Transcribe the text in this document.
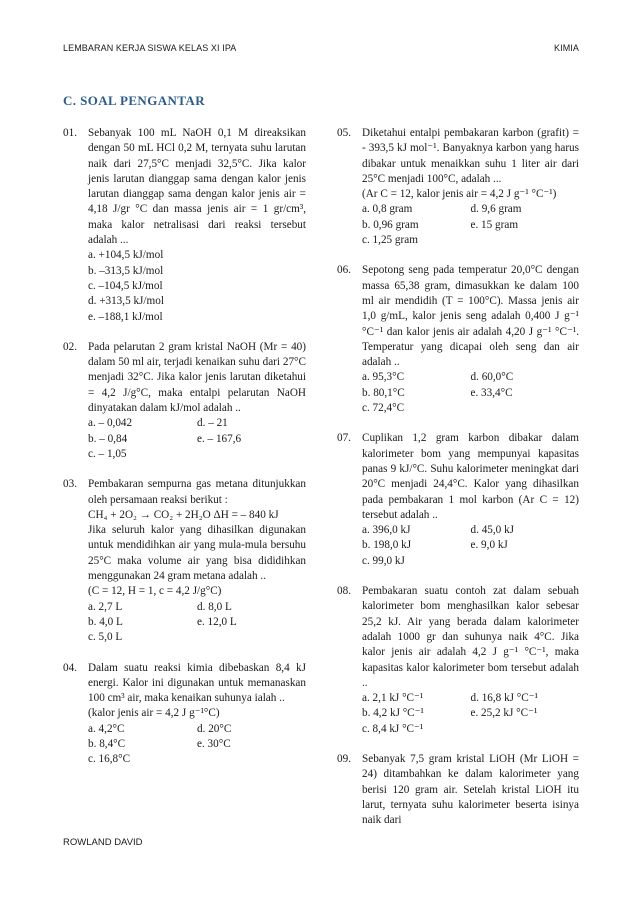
LEMBARAN KERJA SISWA KELAS XI IPA	KIMIA
C. SOAL PENGANTAR
01. Sebanyak 100 mL NaOH 0,1 M direaksikan dengan 50 mL HCl 0,2 M, ternyata suhu larutan naik dari 27,5°C menjadi 32,5°C. Jika kalor jenis larutan dianggap sama dengan kalor jenis larutan dianggap sama dengan kalor jenis air = 4,18 J/gr °C dan massa jenis air = 1 gr/cm³, maka kalor netralisasi dari reaksi tersebut adalah ...

a. +104,5 kJ/mol
b. –313,5 kJ/mol
c. –104,5 kJ/mol
d. +313,5 kJ/mol
e. –188,1 kJ/mol
02. Pada pelarutan 2 gram kristal NaOH (Mr = 40) dalam 50 ml air, terjadi kenaikan suhu dari 27°C menjadi 32°C. Jika kalor jenis larutan diketahui = 4,2 J/g°C, maka entalpi pelarutan NaOH dinyatakan dalam kJ/mol adalah ..

a. – 0,042	d. – 21
b. – 0,84	e. – 167,6
c. – 1,05
03. Pembakaran sempurna gas metana ditunjukkan oleh persamaan reaksi berikut :

CH₄ + 2O₂ → CO₂ + 2H₂O ΔH = – 840 kJ

Jika seluruh kalor yang dihasilkan digunakan untuk mendidihkan air yang mula-mula bersuhu 25°C maka volume air yang bisa dididihkan menggunakan 24 gram metana adalah ..

(C = 12, H = 1, c = 4,2 J/g°C)

a. 2,7 L	d. 8,0 L
b. 4,0 L	e. 12,0 L
c. 5,0 L
04. Dalam suatu reaksi kimia dibebaskan 8,4 kJ energi. Kalor ini digunakan untuk memanaskan 100 cm³ air, maka kenaikan suhunya ialah ..

(kalor jenis air = 4,2 J g⁻¹°C)

a. 4,2°C	d. 20°C
b. 8,4°C	e. 30°C
c. 16,8°C
05. Diketahui entalpi pembakaran karbon (grafit) = - 393,5 kJ mol⁻¹. Banyaknya karbon yang harus dibakar untuk menaikkan suhu 1 liter air dari 25°C menjadi 100°C, adalah ...

(Ar C = 12, kalor jenis air = 4,2 J g⁻¹ °C⁻¹)

a. 0,8 gram	d. 9,6 gram
b. 0,96 gram	e. 15 gram
c. 1,25 gram
06. Sepotong seng pada temperatur 20,0°C dengan massa 65,38 gram, dimasukkan ke dalam 100 ml air mendidih (T = 100°C). Massa jenis air 1,0 g/mL, kalor jenis seng adalah 0,400 J g⁻¹ °C⁻¹ dan kalor jenis air adalah 4,20 J g⁻¹ °C⁻¹. Temperatur yang dicapai oleh seng dan air adalah ..

a. 95,3°C	d. 60,0°C
b. 80,1°C	e. 33,4°C
c. 72,4°C
07. Cuplikan 1,2 gram karbon dibakar dalam kalorimeter bom yang mempunyai kapasitas panas 9 kJ/°C. Suhu kalorimeter meningkat dari 20°C menjadi 24,4°C. Kalor yang dihasilkan pada pembakaran 1 mol karbon (Ar C = 12) tersebut adalah ..

a. 396,0 kJ	d. 45,0 kJ
b. 198,0 kJ	e. 9,0 kJ
c. 99,0 kJ
08. Pembakaran suatu contoh zat dalam sebuah kalorimeter bom menghasilkan kalor sebesar 25,2 kJ. Air yang berada dalam kalorimeter adalah 1000 gr dan suhunya naik 4°C. Jika kalor jenis air adalah 4,2 J g⁻¹ °C⁻¹, maka kapasitas kalor kalorimeter bom tersebut adalah ..

a. 2,1 kJ °C⁻¹	d. 16,8 kJ °C⁻¹
b. 4,2 kJ °C⁻¹	e. 25,2 kJ °C⁻¹
c. 8,4 kJ °C⁻¹
09. Sebanyak 7,5 gram kristal LiOH (Mr LiOH = 24) ditambahkan ke dalam kalorimeter yang berisi 120 gram air. Setelah kristal LiOH itu larut, ternyata suhu kalorimeter beserta isinya naik dari

ROWLAND DAVID
